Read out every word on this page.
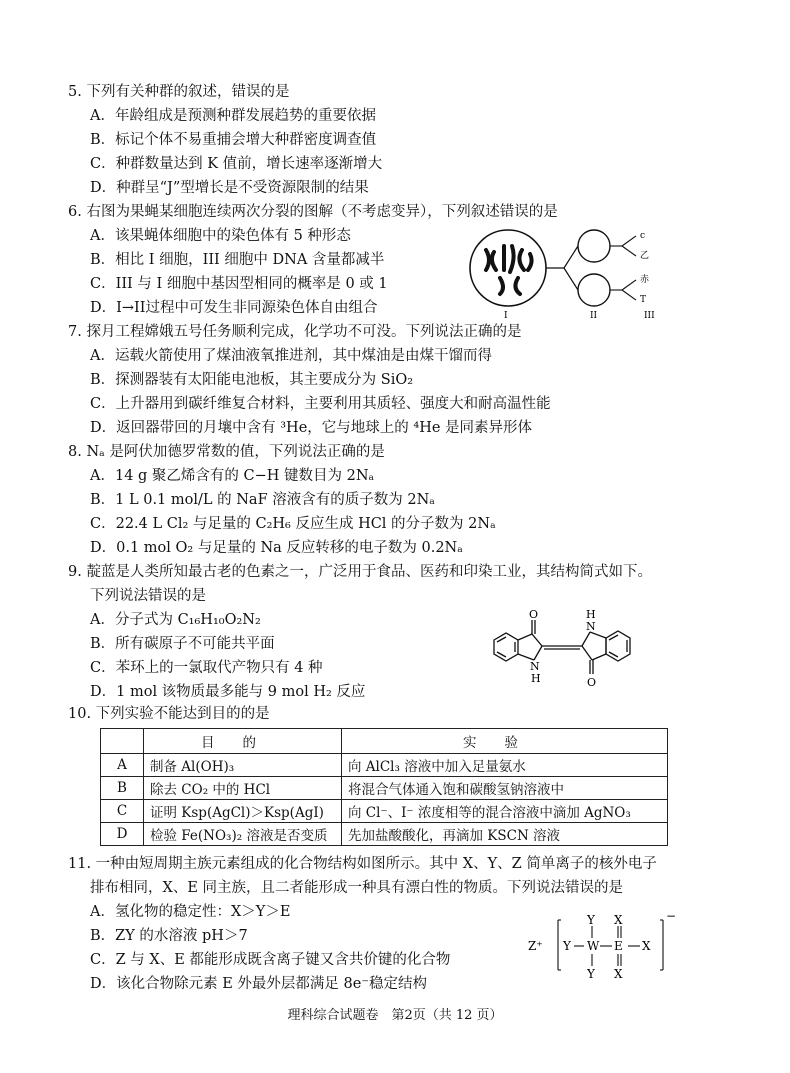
5. 下列有关种群的叙述，错误的是
A．年龄组成是预测种群发展趋势的重要依据
B．标记个体不易重捕会增大种群密度调查值
C．种群数量达到 K 值前，增长速率逐渐增大
D．种群呈“J”型增长是不受资源限制的结果
6. 右图为果蝇某细胞连续两次分裂的图解（不考虑变异），下列叙述错误的是
A．该果蝇体细胞中的染色体有 5 种形态
B．相比 I 细胞，III 细胞中 DNA 含量都减半
C．III 与 I 细胞中基因型相同的概率是 0 或 1
D．I→II过程中可发生非同源染色体自由组合
c
乙
赤
T
I	II	III
7. 探月工程嫦娥五号任务顺利完成，化学功不可没。下列说法正确的是
A．运载火箭使用了煤油液氧推进剂，其中煤油是由煤干馏而得
B．探测器装有太阳能电池板，其主要成分为 SiO₂
C．上升器用到碳纤维复合材料，主要利用其质轻、强度大和耐高温性能
D．返回器带回的月壤中含有 ³He，它与地球上的 ⁴He 是同素异形体
8. Nₐ 是阿伏加德罗常数的值，下列说法正确的是
A．14 g 聚乙烯含有的 C−H 键数目为 2Nₐ
B．1 L 0.1 mol/L 的 NaF 溶液含有的质子数为 2Nₐ
C．22.4 L Cl₂ 与足量的 C₂H₆ 反应生成 HCl 的分子数为 2Nₐ
D．0.1 mol O₂ 与足量的 Na 反应转移的电子数为 0.2Nₐ
9. 靛蓝是人类所知最古老的色素之一，广泛用于食品、医药和印染工业，其结构简式如下。
下列说法错误的是
A．分子式为 C₁₆H₁₀O₂N₂
B．所有碳原子不可能共平面
C．苯环上的一氯取代产物只有 4 种
D．1 mol 该物质最多能与 9 mol H₂ 反应
O
N
H
H
N
O
10. 下列实验不能达到目的的是
	目的	实验
A	制备 Al(OH)₃	向 AlCl₃ 溶液中加入足量氨水
B	除去 CO₂ 中的 HCl	将混合气体通入饱和碳酸氢钠溶液中
C	证明 Ksp(AgCl)＞Ksp(AgI)	向 Cl⁻、I⁻ 浓度相等的混合溶液中滴加 AgNO₃
D	检验 Fe(NO₃)₂ 溶液是否变质	先加盐酸酸化，再滴加 KSCN 溶液
11. 一种由短周期主族元素组成的化合物结构如图所示。其中 X、Y、Z 简单离子的核外电子
排布相同，X、E 同主族，且二者能形成一种具有漂白性的物质。下列说法错误的是
A．氢化物的稳定性：X＞Y＞E
B．ZY 的水溶液 pH＞7
C．Z 与 X、E 都能形成既含离子键又含共价键的化合物
D．该化合物除元素 E 外最外层都满足 8e⁻稳定结构
Z⁺ Y W E X
Y
Y
X
X
−
理科综合试题卷　第2页（共 12 页）
